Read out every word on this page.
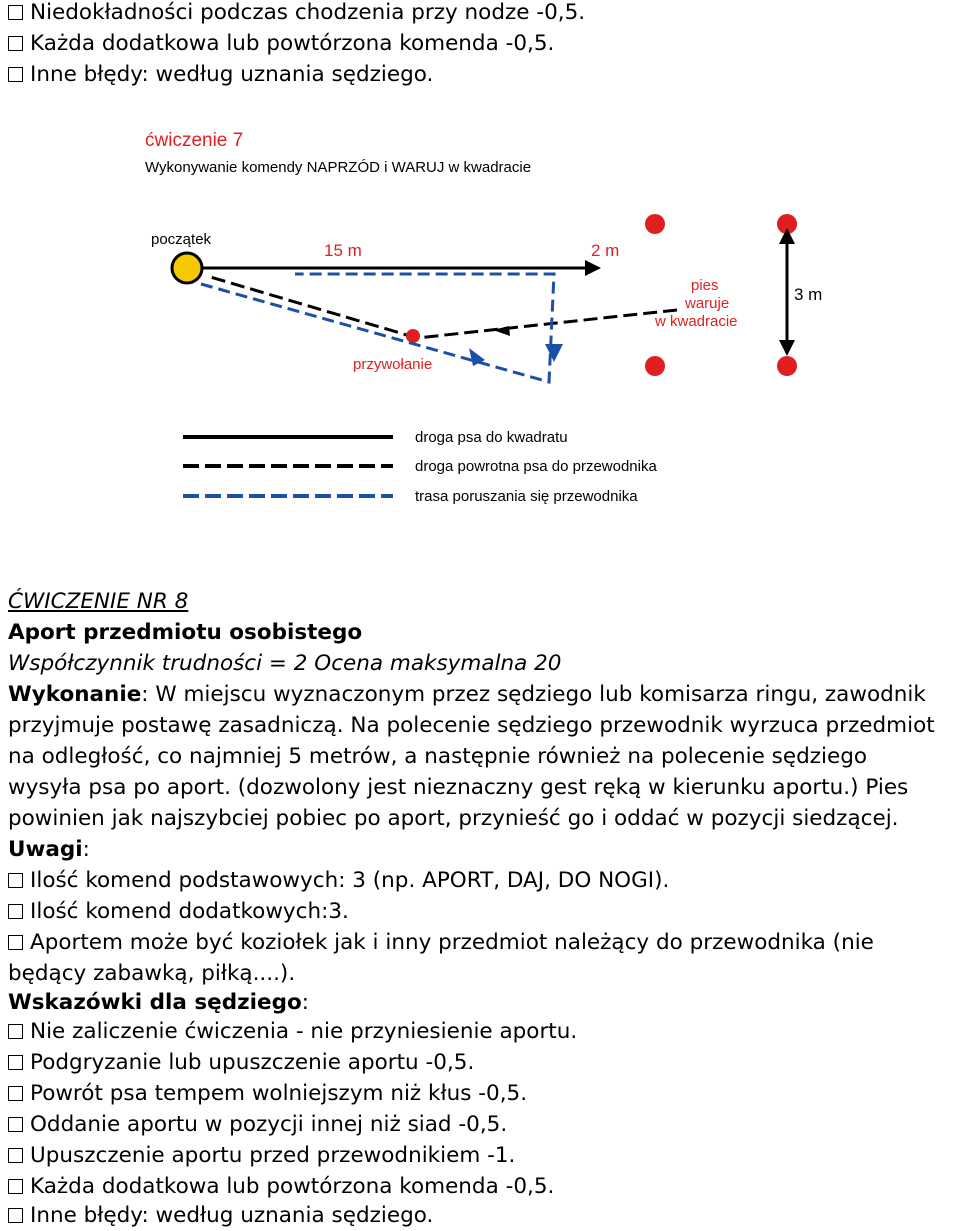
Niedokładności podczas chodzenia przy nodze -0,5.
Każda dodatkowa lub powtórzona komenda -0,5.
Inne błędy: według uznania sędziego.
ćwiczenie 7
Wykonywanie komendy NAPRZÓD i WARUJ w kwadracie
początek
15 m	2 m
3 m
pies
waruje
w kwadracie
przywołanie
droga psa do kwadratu
droga powrotna psa do przewodnika
trasa poruszania się przewodnika
ĆWICZENIE NR 8
Aport przedmiotu osobistego
Współczynnik trudności = 2 Ocena maksymalna 20
Wykonanie: W miejscu wyznaczonym przez sędziego lub komisarza ringu, zawodnik
przyjmuje postawę zasadniczą. Na polecenie sędziego przewodnik wyrzuca przedmiot
na odległość, co najmniej 5 metrów, a następnie również na polecenie sędziego
wysyła psa po aport. (dozwolony jest nieznaczny gest ręką w kierunku aportu.) Pies
powinien jak najszybciej pobiec po aport, przynieść go i oddać w pozycji siedzącej.
Uwagi:
Ilość komend podstawowych: 3 (np. APORT, DAJ, DO NOGI).
Ilość komend dodatkowych:3.
Aportem może być koziołek jak i inny przedmiot należący do przewodnika (nie
będący zabawką, piłką....).
Wskazówki dla sędziego:
Nie zaliczenie ćwiczenia - nie przyniesienie aportu.
Podgryzanie lub upuszczenie aportu -0,5.
Powrót psa tempem wolniejszym niż kłus -0,5.
Oddanie aportu w pozycji innej niż siad -0,5.
Upuszczenie aportu przed przewodnikiem -1.
Każda dodatkowa lub powtórzona komenda -0,5.
Inne błędy: według uznania sędziego.
